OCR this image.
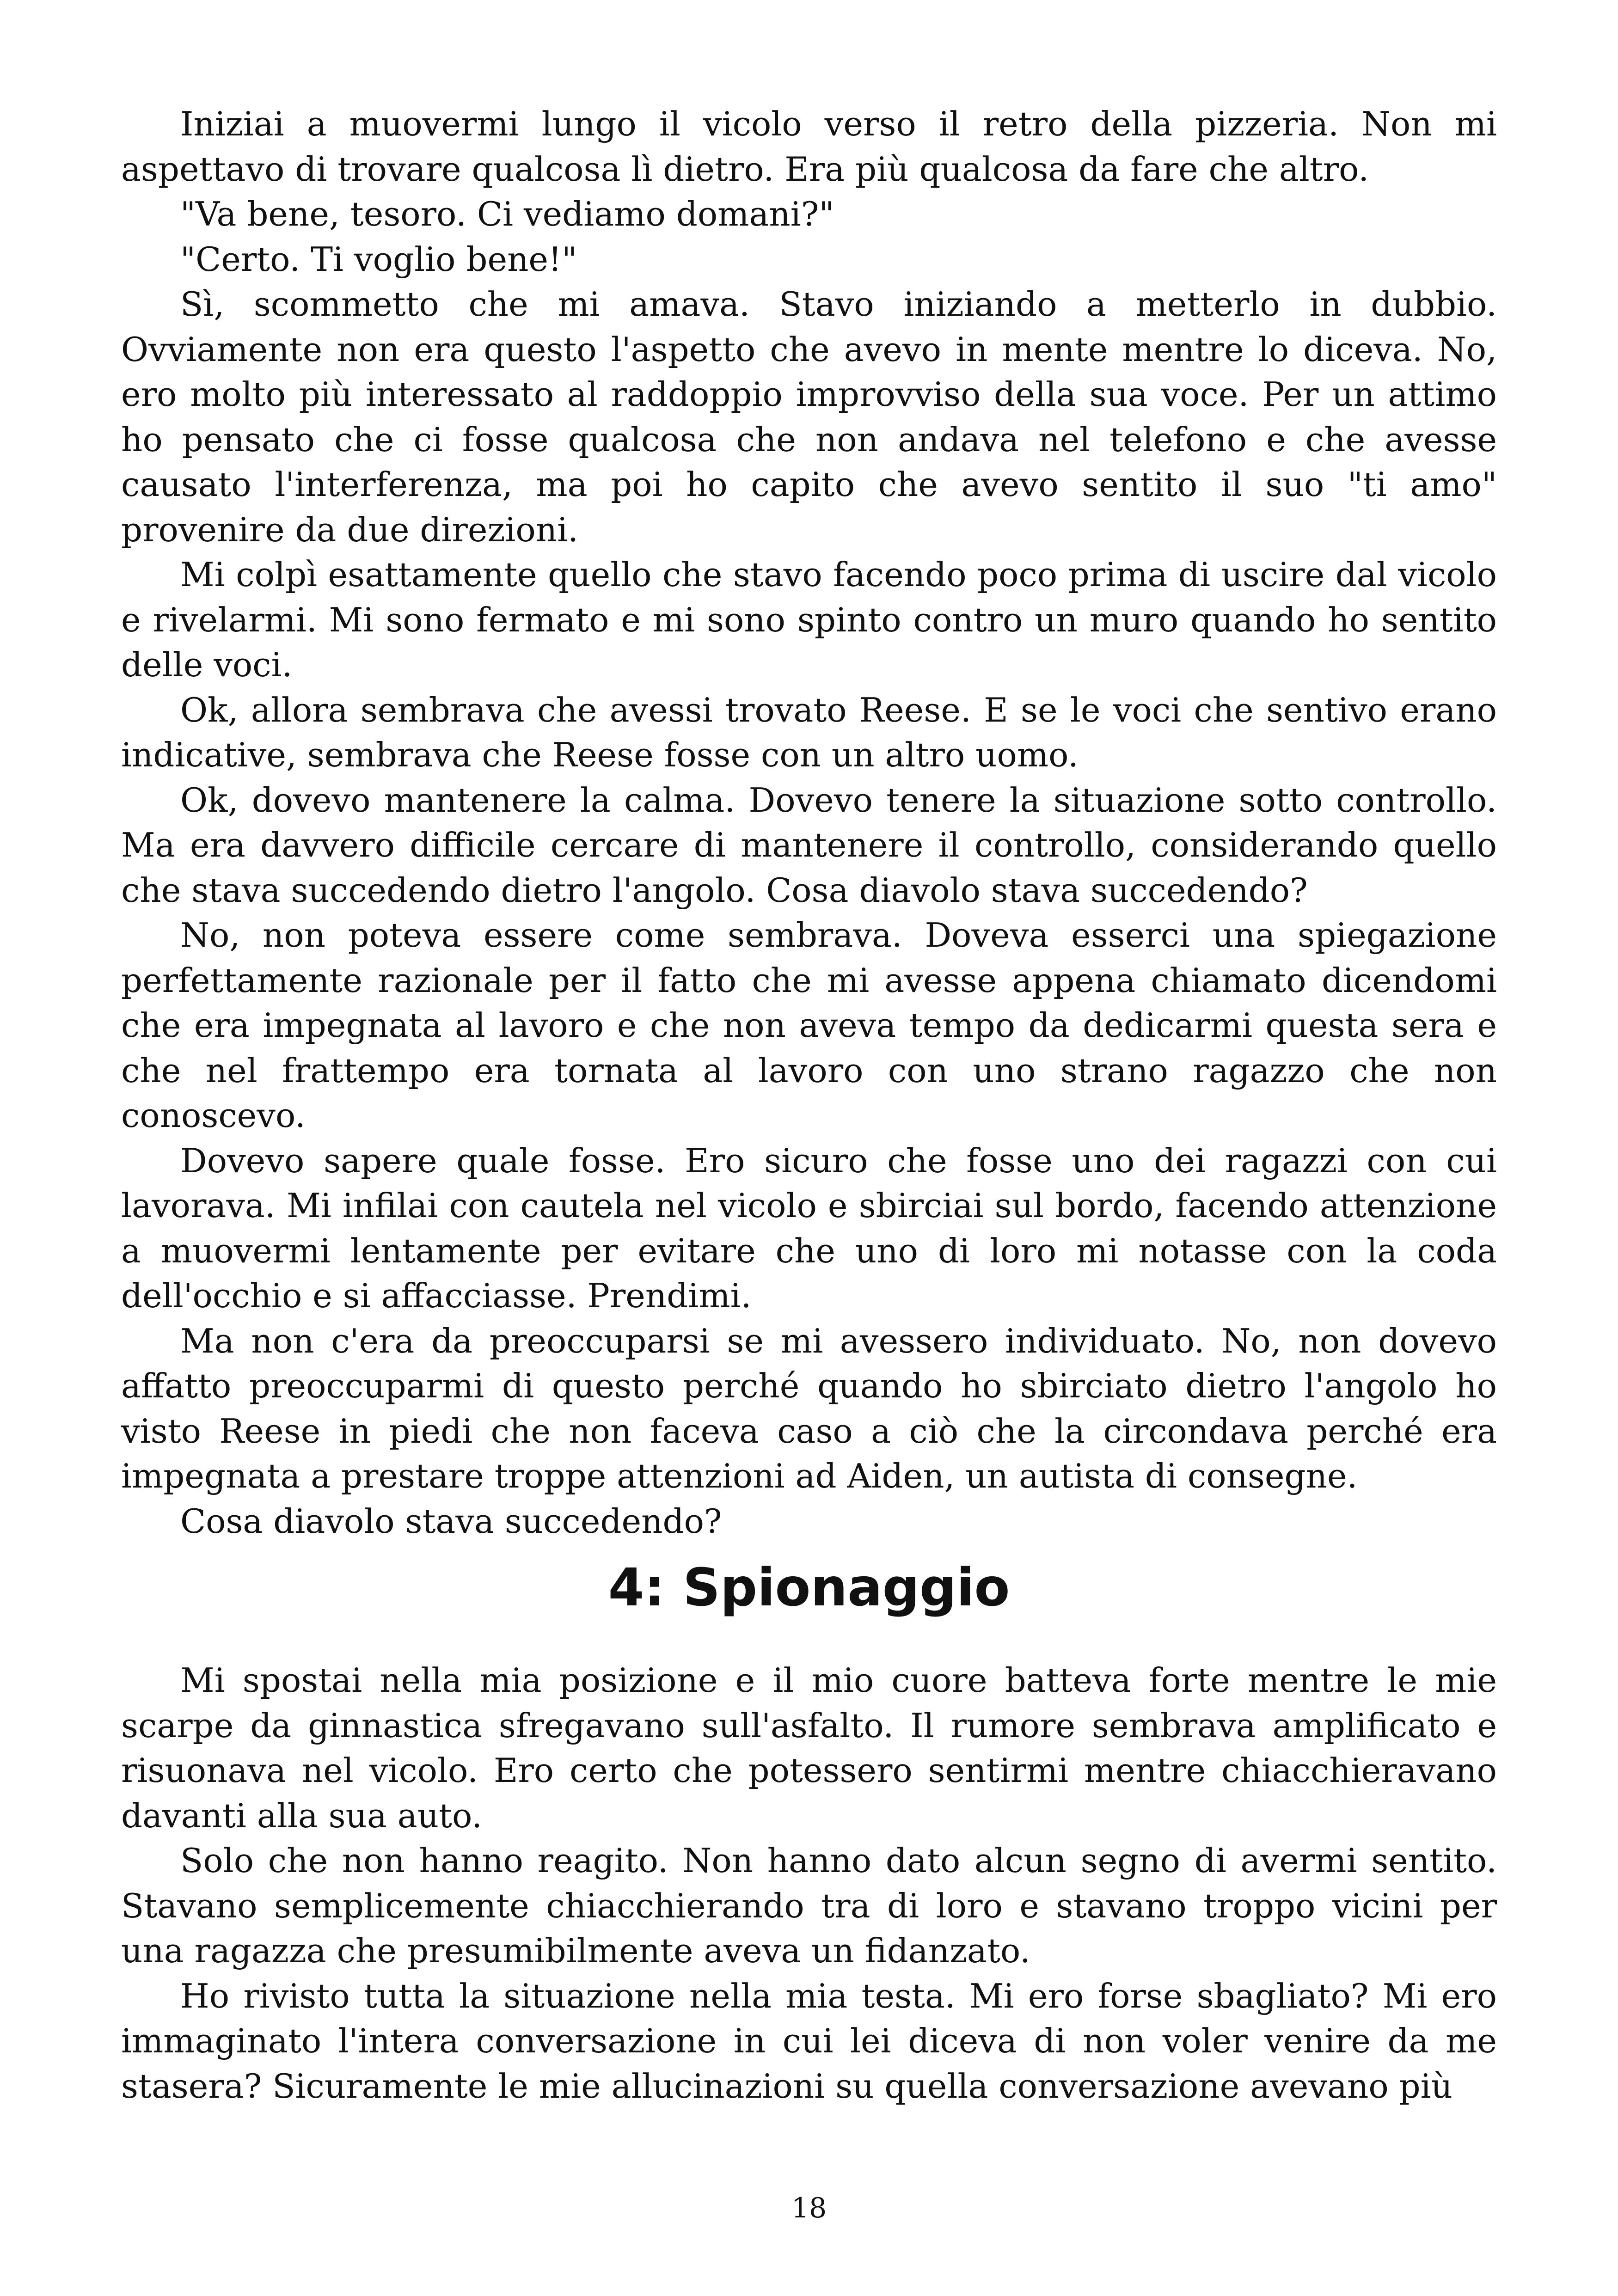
Iniziai a muovermi lungo il vicolo verso il retro della pizzeria. Non mi aspettavo di trovare qualcosa lì dietro. Era più qualcosa da fare che altro.

"Va bene, tesoro. Ci vediamo domani?"

"Certo. Ti voglio bene!"

Sì, scommetto che mi amava. Stavo iniziando a metterlo in dubbio. Ovviamente non era questo l'aspetto che avevo in mente mentre lo diceva. No, ero molto più interessato al raddoppio improvviso della sua voce. Per un attimo ho pensato che ci fosse qualcosa che non andava nel telefono e che avesse causato l'interferenza, ma poi ho capito che avevo sentito il suo "ti amo" provenire da due direzioni.

Mi colpì esattamente quello che stavo facendo poco prima di uscire dal vicolo e rivelarmi. Mi sono fermato e mi sono spinto contro un muro quando ho sentito delle voci.

Ok, allora sembrava che avessi trovato Reese. E se le voci che sentivo erano indicative, sembrava che Reese fosse con un altro uomo.

Ok, dovevo mantenere la calma. Dovevo tenere la situazione sotto controllo. Ma era davvero difficile cercare di mantenere il controllo, considerando quello che stava succedendo dietro l'angolo. Cosa diavolo stava succedendo?

No, non poteva essere come sembrava. Doveva esserci una spiegazione perfettamente razionale per il fatto che mi avesse appena chiamato dicendomi che era impegnata al lavoro e che non aveva tempo da dedicarmi questa sera e che nel frattempo era tornata al lavoro con uno strano ragazzo che non conoscevo.

Dovevo sapere quale fosse. Ero sicuro che fosse uno dei ragazzi con cui lavorava. Mi infilai con cautela nel vicolo e sbirciai sul bordo, facendo attenzione a muovermi lentamente per evitare che uno di loro mi notasse con la coda dell'occhio e si affacciasse. Prendimi.

Ma non c'era da preoccuparsi se mi avessero individuato. No, non dovevo affatto preoccuparmi di questo perché quando ho sbirciato dietro l'angolo ho visto Reese in piedi che non faceva caso a ciò che la circondava perché era impegnata a prestare troppe attenzioni ad Aiden, un autista di consegne.

Cosa diavolo stava succedendo?

4: Spionaggio

Mi spostai nella mia posizione e il mio cuore batteva forte mentre le mie scarpe da ginnastica sfregavano sull'asfalto. Il rumore sembrava amplificato e risuonava nel vicolo. Ero certo che potessero sentirmi mentre chiacchieravano davanti alla sua auto.

Solo che non hanno reagito. Non hanno dato alcun segno di avermi sentito. Stavano semplicemente chiacchierando tra di loro e stavano troppo vicini per una ragazza che presumibilmente aveva un fidanzato.

Ho rivisto tutta la situazione nella mia testa. Mi ero forse sbagliato? Mi ero immaginato l'intera conversazione in cui lei diceva di non voler venire da me stasera? Sicuramente le mie allucinazioni su quella conversazione avevano più

18
